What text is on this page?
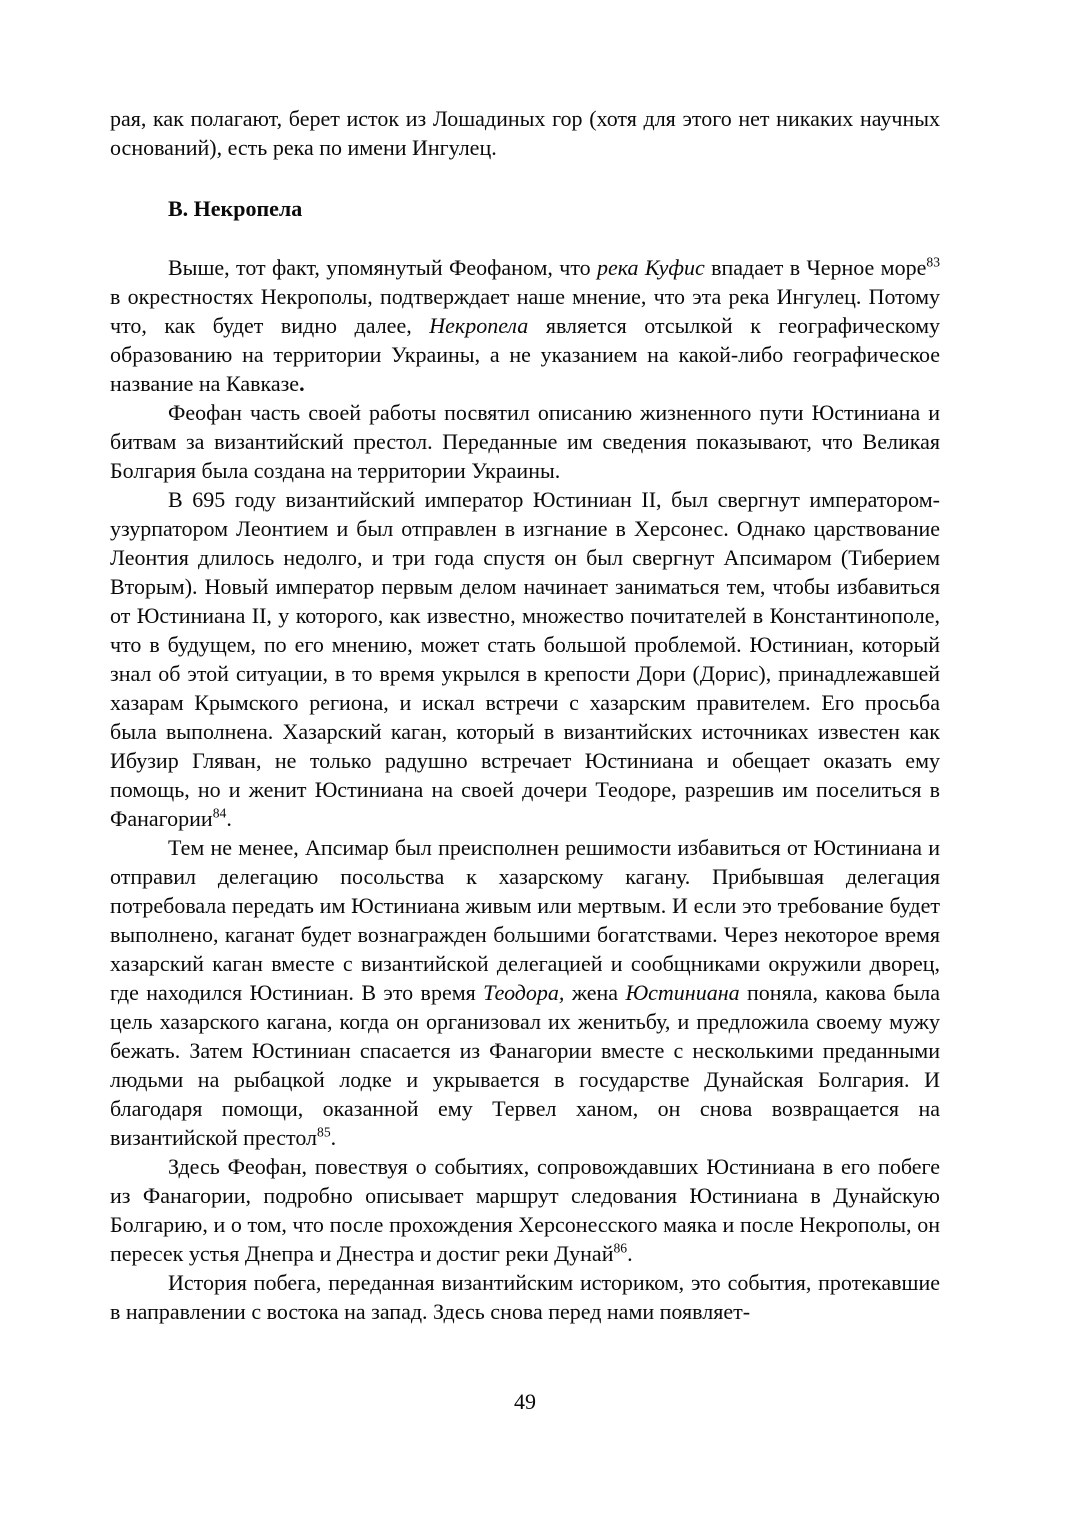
рая, как полагают, берет исток из Лошадиных гор (хотя для этого нет никаких научных оснований), есть река по имени Ингулец.

В. Некропела

Выше, тот факт, упомянутый Феофаном, что река Куфис впадает в Черное море$^{83}$ в окрестностях Некрополы, подтверждает наше мнение, что эта река Ингулец. Потому что, как будет видно далее, Некропела является отсылкой к географическому образованию на территории Украины, а не указанием на какой-либо географическое название на Кавказе.

Феофан часть своей работы посвятил описанию жизненного пути Юстиниана и битвам за византийский престол. Переданные им сведения показывают, что Великая Болгария была создана на территории Украины.

В 695 году византийский император Юстиниан II, был свергнут императором-узурпатором Леонтием и был отправлен в изгнание в Херсонес. Однако царствование Леонтия длилось недолго, и три года спустя он был свергнут Апсимаром (Тиберием Вторым). Новый император первым делом начинает заниматься тем, чтобы избавиться от Юстиниана II, у которого, как известно, множество почитателей в Константинополе, что в будущем, по его мнению, может стать большой проблемой. Юстиниан, который знал об этой ситуации, в то время укрылся в крепости Дори (Дорис), принадлежавшей хазарам Крымского региона, и искал встречи с хазарским правителем. Его просьба была выполнена. Хазарский каган, который в византийских источниках известен как Ибузир Гляван, не только радушно встречает Юстиниана и обещает оказать ему помощь, но и женит Юстиниана на своей дочери Теодоре, разрешив им поселиться в Фанагории$^{84}$.

Тем не менее, Апсимар был преисполнен решимости избавиться от Юстиниана и отправил делегацию посольства к хазарскому кагану. Прибывшая делегация потребовала передать им Юстиниана живым или мертвым. И если это требование будет выполнено, каганат будет вознагражден большими богатствами. Через некоторое время хазарский каган вместе с византийской делегацией и сообщниками окружили дворец, где находился Юстиниан. В это время Теодора, жена Юстиниана поняла, какова была цель хазарского кагана, когда он организовал их женитьбу, и предложила своему мужу бежать. Затем Юстиниан спасается из Фанагории вместе с несколькими преданными людьми на рыбацкой лодке и укрывается в государстве Дунайская Болгария. И благодаря помощи, оказанной ему Тервел ханом, он снова возвращается на византийской престол$^{85}$.

Здесь Феофан, повествуя о событиях, сопровождавших Юстиниана в его побеге из Фанагории, подробно описывает маршрут следования Юстиниана в Дунайскую Болгарию, и о том, что после прохождения Херсонесского маяка и после Некрополы, он пересек устья Днепра и Днестра и достиг реки Дунай$^{86}$.

История побега, переданная византийским историком, это события, протекавшие в направлении с востока на запад. Здесь снова перед нами появляет-

49
